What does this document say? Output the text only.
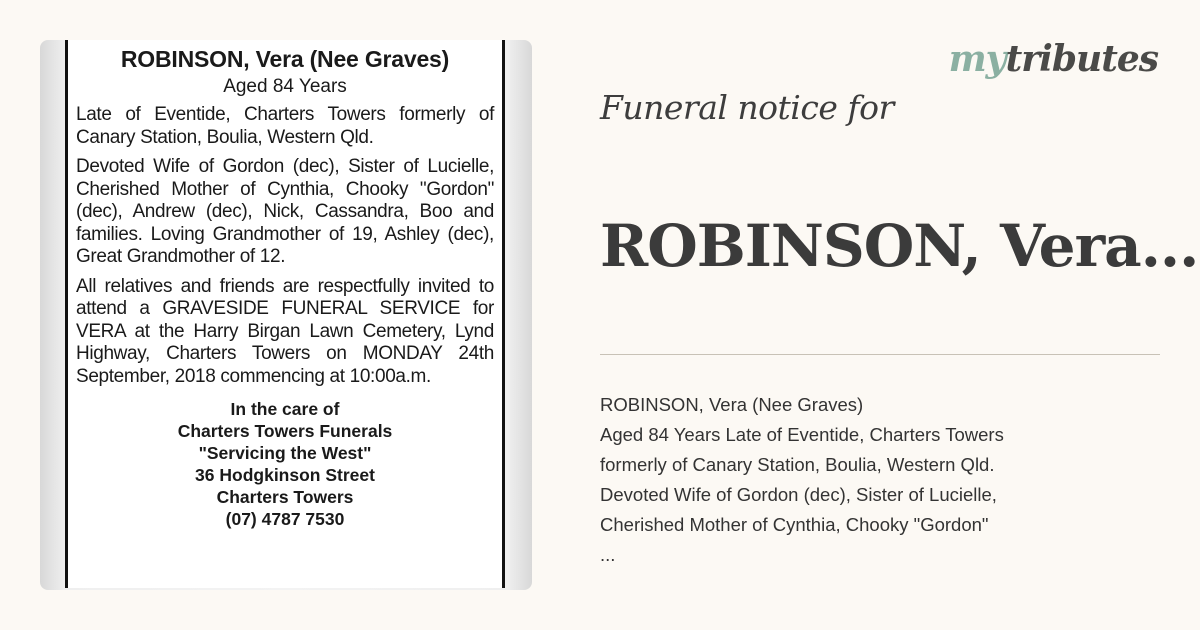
ROBINSON, Vera (Nee Graves)
Aged 84 Years

Late of Eventide, Charters Towers formerly of Canary Station, Boulia, Western Qld.

Devoted Wife of Gordon (dec), Sister of Lucielle, Cherished Mother of Cynthia, Chooky "Gordon" (dec), Andrew (dec), Nick, Cassandra, Boo and families. Loving Grandmother of 19, Ashley (dec), Great Grandmother of 12.

All relatives and friends are respectfully invited to attend a GRAVESIDE FUNERAL SERVICE for VERA at the Harry Birgan Lawn Cemetery, Lynd Highway, Charters Towers on MONDAY 24th September, 2018 commencing at 10:00a.m.

In the care of
Charters Towers Funerals
"Servicing the West"
36 Hodgkinson Street
Charters Towers
(07) 4787 7530
mytributes
Funeral notice for
ROBINSON, Vera...
ROBINSON, Vera (Nee Graves)
Aged 84 Years Late of Eventide, Charters Towers
formerly of Canary Station, Boulia, Western Qld.
Devoted Wife of Gordon (dec), Sister of Lucielle,
Cherished Mother of Cynthia, Chooky "Gordon"
...
